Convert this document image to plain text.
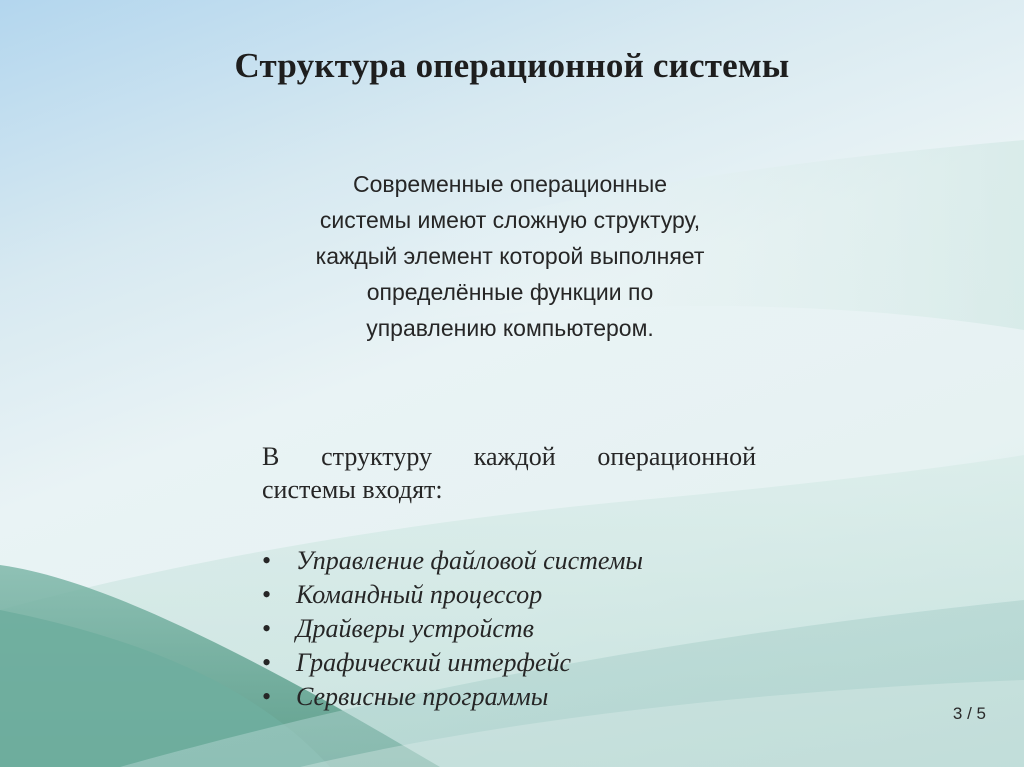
Структура операционной системы

Современные операционные
системы имеют сложную структуру,
каждый элемент которой выполняет
определённые функции по
управлению компьютером.

В структуру каждой операционной
системы входят:

• Управление файловой системы
• Командный процессор
• Драйверы устройств
• Графический интерфейс
• Сервисные программы
3 / 5
